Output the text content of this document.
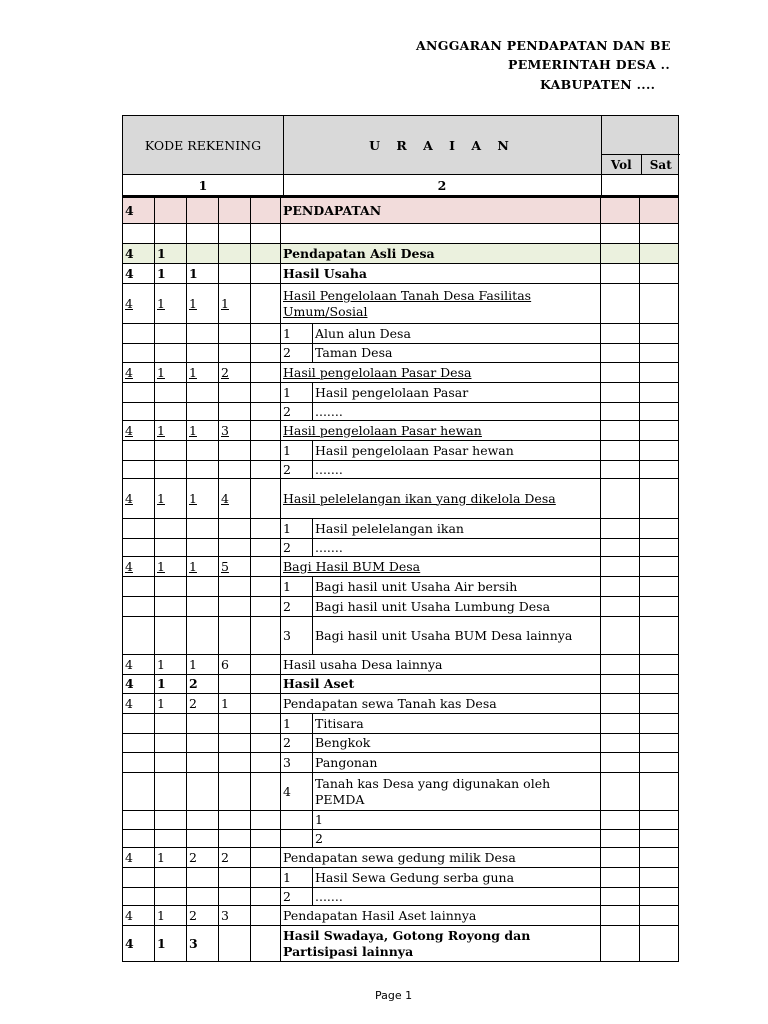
ANGGARAN PENDAPATAN DAN BE
PEMERINTAH DESA ..
KABUPATEN ....
KODE REKENING	U R A I A N
Vol	Sat
1	2
4					PENDAPATAN			

4	1				Pendapatan Asli Desa			
4	1	1			Hasil Usaha			
4	1	1	1		Hasil Pengelolaan Tanah Desa Fasilitas Umum/Sosial			
					1	Alun alun Desa		
					2	Taman Desa		
4	1	1	2		Hasil pengelolaan Pasar Desa			
					1	Hasil pengelolaan Pasar		
					2	.......		
4	1	1	3		Hasil pengelolaan Pasar hewan			
					1	Hasil pengelolaan Pasar hewan		
					2	.......		
4	1	1	4		Hasil pelelelangan ikan yang dikelola Desa			
					1	Hasil pelelelangan ikan		
					2	.......		
4	1	1	5		Bagi Hasil BUM Desa			
					1	Bagi hasil unit Usaha Air bersih		
					2	Bagi hasil unit Usaha Lumbung Desa		
					3	Bagi hasil unit Usaha BUM Desa lainnya		
4	1	1	6		Hasil usaha Desa lainnya			
4	1	2			Hasil Aset			
4	1	2	1		Pendapatan sewa Tanah kas Desa			
					1	Titisara		
					2	Bengkok		
					3	Pangonan		
					4	Tanah kas Desa yang digunakan oleh PEMDA		
						1		
						2		
4	1	2	2		Pendapatan sewa gedung milik Desa			
					1	Hasil Sewa Gedung serba guna		
					2	.......		
4	1	2	3		Pendapatan Hasil Aset lainnya			
4	1	3			Hasil Swadaya, Gotong Royong dan Partisipasi lainnya			
Page 1
